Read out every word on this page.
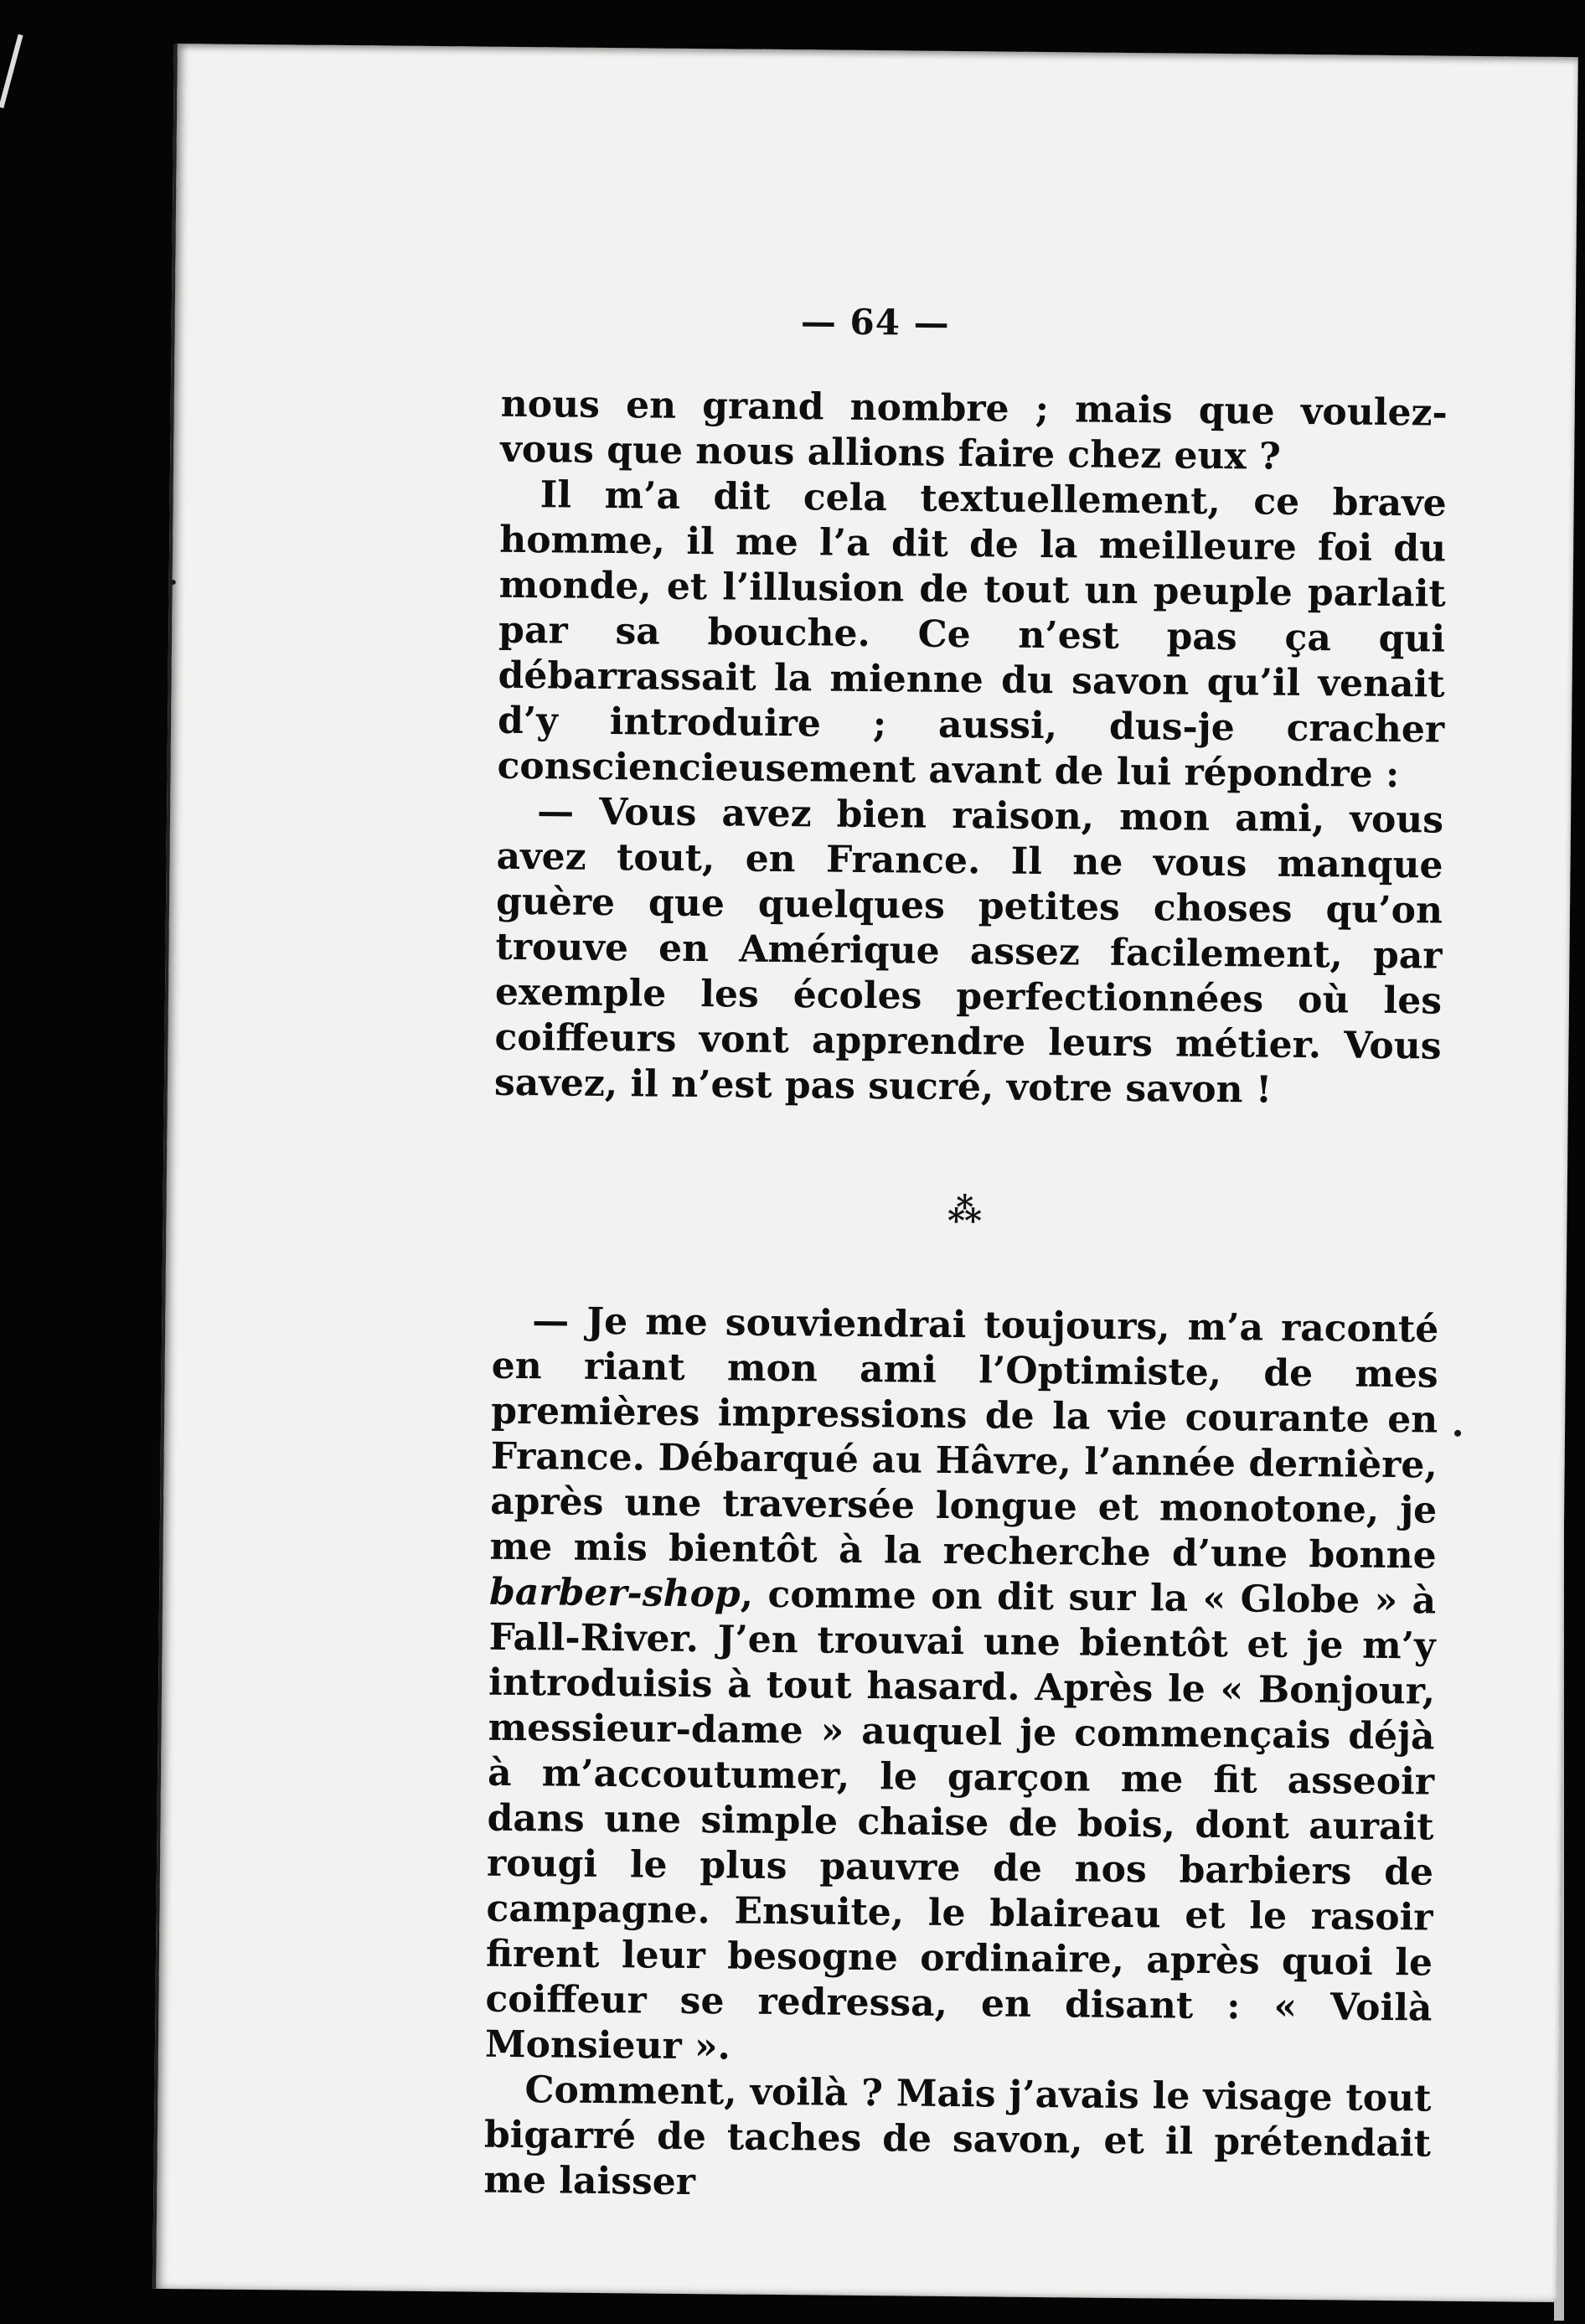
— 64 —

nous en grand nombre ; mais que voulez-vous que nous allions faire chez eux ?

Il m’a dit cela textuellement, ce brave homme, il me l’a dit de la meilleure foi du monde, et l’illusion de tout un peuple parlait par sa bouche. Ce n’est pas ça qui débarrassait la mienne du savon qu’il venait d’y introduire ; aussi, dus-je cracher consciencieusement avant de lui répondre :

— Vous avez bien raison, mon ami, vous avez tout, en France. Il ne vous manque guère que quelques petites choses qu’on trouve en Amérique assez facilement, par exemple les écoles perfectionnées où les coiffeurs vont apprendre leurs métier. Vous savez, il n’est pas sucré, votre savon !

⁂

— Je me souviendrai toujours, m’a raconté en riant mon ami l’Optimiste, de mes premières impressions de la vie courante en France. Débarqué au Hâvre, l’année dernière, après une traversée longue et monotone, je me mis bientôt à la recherche d’une bonne barber-shop, comme on dit sur la « Globe » à Fall-River. J’en trouvai une bientôt et je m’y introduisis à tout hasard. Après le « Bonjour, messieur-dame » auquel je commençais déjà à m’accoutumer, le garçon me fit asseoir dans une simple chaise de bois, dont aurait rougi le plus pauvre de nos barbiers de campagne. Ensuite, le blaireau et le rasoir firent leur besogne ordinaire, après quoi le coiffeur se redressa, en disant : « Voilà Monsieur ».

Comment, voilà ? Mais j’avais le visage tout bigarré de taches de savon, et il prétendait me laisser
